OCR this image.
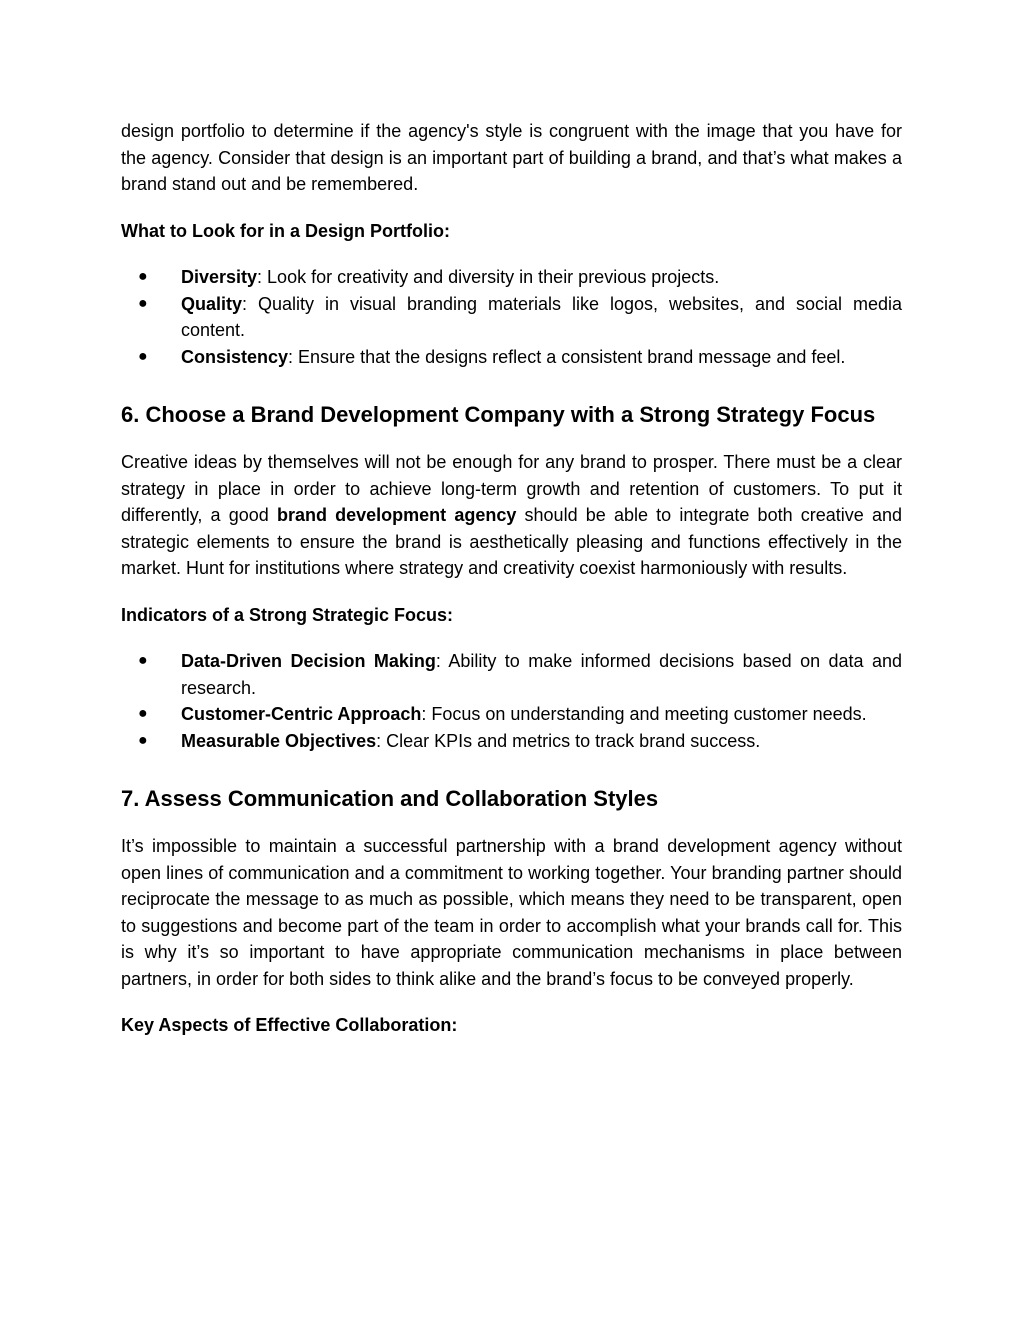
design portfolio to determine if the agency's style is congruent with the image that you have for the agency. Consider that design is an important part of building a brand, and that’s what makes a brand stand out and be remembered.

What to Look for in a Design Portfolio:

● Diversity: Look for creativity and diversity in their previous projects.
● Quality: Quality in visual branding materials like logos, websites, and social media content.
● Consistency: Ensure that the designs reflect a consistent brand message and feel.
6. Choose a Brand Development Company with a Strong Strategy Focus

Creative ideas by themselves will not be enough for any brand to prosper. There must be a clear strategy in place in order to achieve long-term growth and retention of customers. To put it differently, a good brand development agency should be able to integrate both creative and strategic elements to ensure the brand is aesthetically pleasing and functions effectively in the market. Hunt for institutions where strategy and creativity coexist harmoniously with results.

Indicators of a Strong Strategic Focus:

● Data-Driven Decision Making: Ability to make informed decisions based on data and research.
● Customer-Centric Approach: Focus on understanding and meeting customer needs.
● Measurable Objectives: Clear KPIs and metrics to track brand success.
7. Assess Communication and Collaboration Styles

It’s impossible to maintain a successful partnership with a brand development agency without open lines of communication and a commitment to working together. Your branding partner should reciprocate the message to as much as possible, which means they need to be transparent, open to suggestions and become part of the team in order to accomplish what your brands call for. This is why it’s so important to have appropriate communication mechanisms in place between partners, in order for both sides to think alike and the brand’s focus to be conveyed properly.

Key Aspects of Effective Collaboration:
